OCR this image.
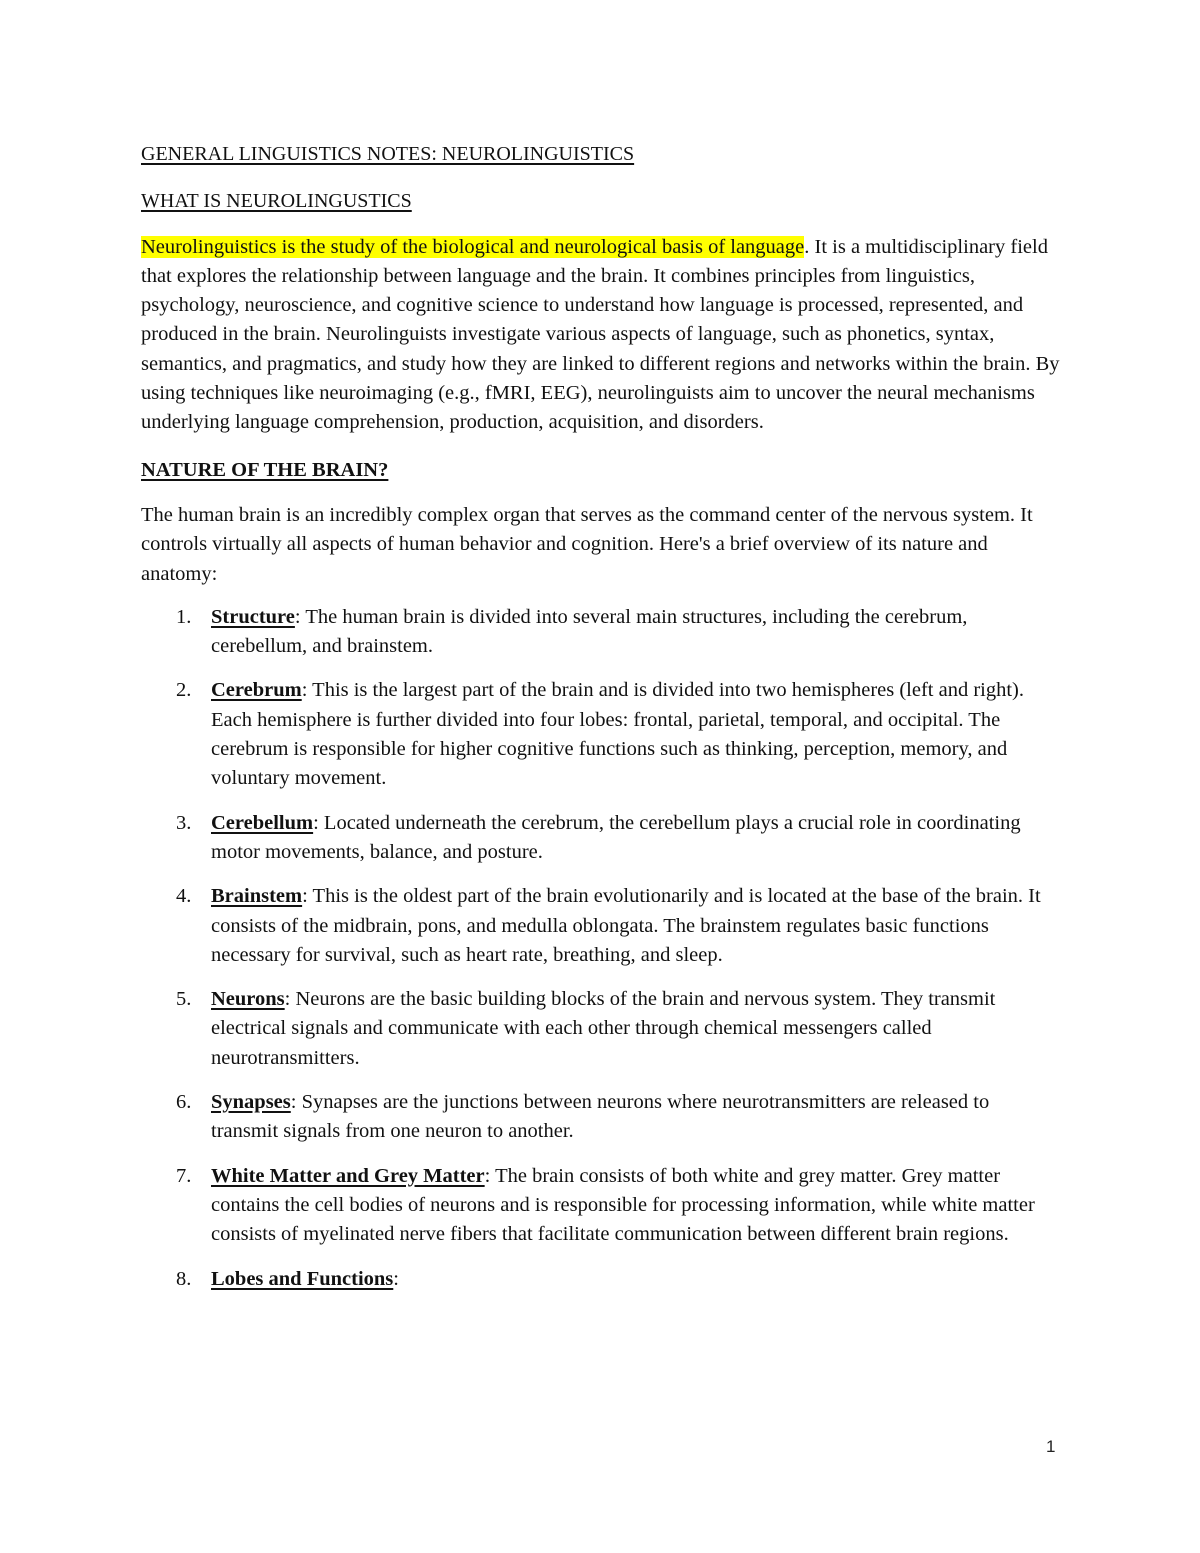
GENERAL LINGUISTICS NOTES: NEUROLINGUISTICS
WHAT IS NEUROLINGUSTICS

Neurolinguistics is the study of the biological and neurological basis of language. It is a multidisciplinary field that explores the relationship between language and the brain. It combines principles from linguistics, psychology, neuroscience, and cognitive science to understand how language is processed, represented, and produced in the brain. Neurolinguists investigate various aspects of language, such as phonetics, syntax, semantics, and pragmatics, and study how they are linked to different regions and networks within the brain. By using techniques like neuroimaging (e.g., fMRI, EEG), neurolinguists aim to uncover the neural mechanisms underlying language comprehension, production, acquisition, and disorders.

NATURE OF THE BRAIN?

The human brain is an incredibly complex organ that serves as the command center of the nervous system. It controls virtually all aspects of human behavior and cognition. Here's a brief overview of its nature and anatomy:

1. Structure: The human brain is divided into several main structures, including the cerebrum, cerebellum, and brainstem.
2. Cerebrum: This is the largest part of the brain and is divided into two hemispheres (left and right). Each hemisphere is further divided into four lobes: frontal, parietal, temporal, and occipital. The cerebrum is responsible for higher cognitive functions such as thinking, perception, memory, and voluntary movement.
3. Cerebellum: Located underneath the cerebrum, the cerebellum plays a crucial role in coordinating motor movements, balance, and posture.
4. Brainstem: This is the oldest part of the brain evolutionarily and is located at the base of the brain. It consists of the midbrain, pons, and medulla oblongata. The brainstem regulates basic functions necessary for survival, such as heart rate, breathing, and sleep.
5. Neurons: Neurons are the basic building blocks of the brain and nervous system. They transmit electrical signals and communicate with each other through chemical messengers called neurotransmitters.
6. Synapses: Synapses are the junctions between neurons where neurotransmitters are released to transmit signals from one neuron to another.
7. White Matter and Grey Matter: The brain consists of both white and grey matter. Grey matter contains the cell bodies of neurons and is responsible for processing information, while white matter consists of myelinated nerve fibers that facilitate communication between different brain regions.
8. Lobes and Functions:
1
